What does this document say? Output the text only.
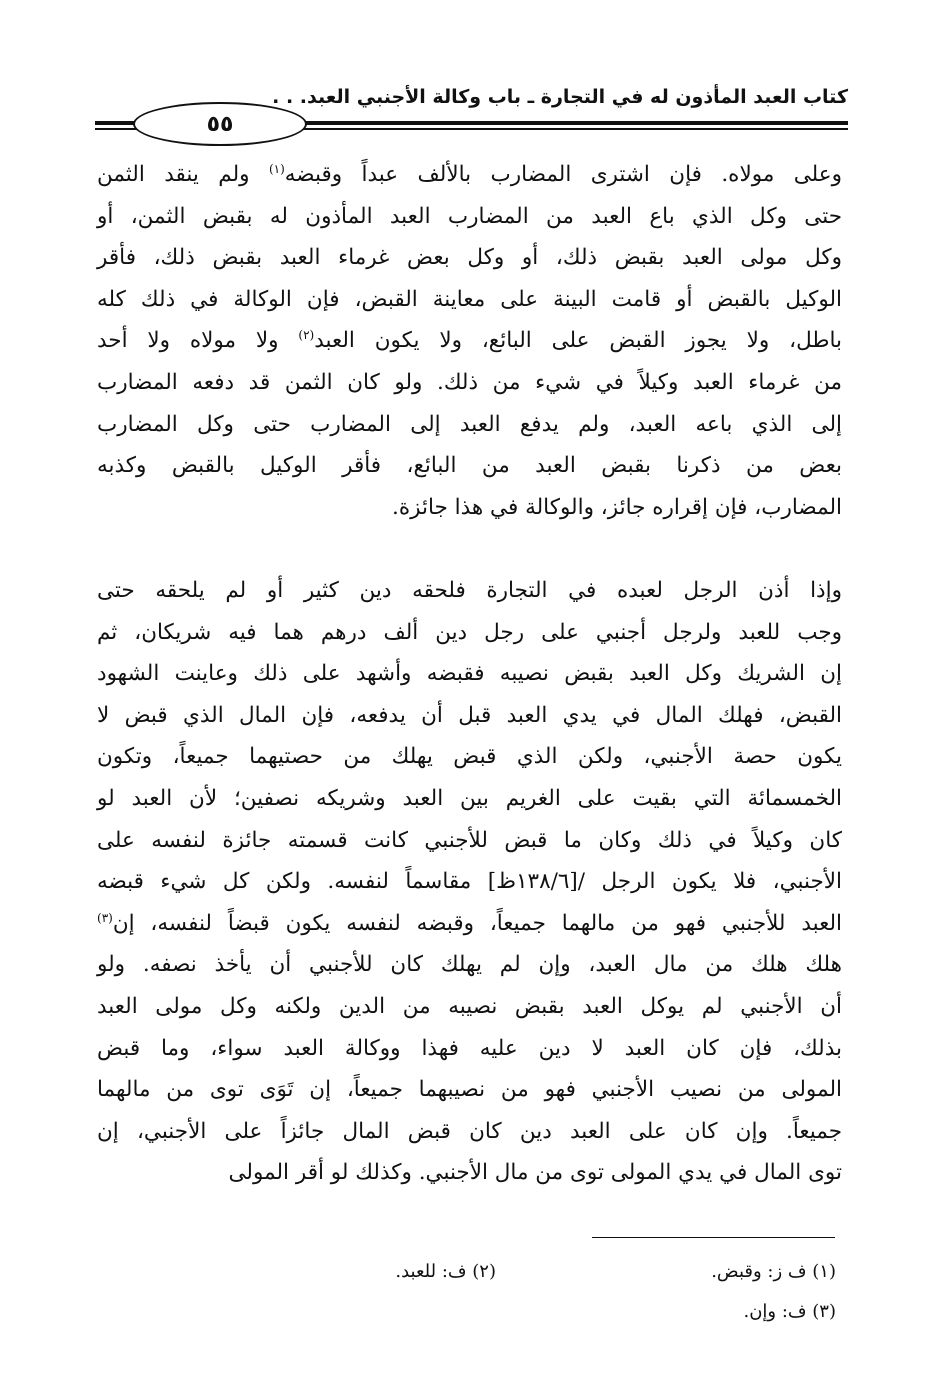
كتاب العبد المأذون له في التجارة ـ باب وكالة الأجنبي العبد. . .
٥٥
وعلى مولاه. فإن اشترى المضارب بالألف عبداً وقبضه$^{(١)}$ ولم ينقد الثمن
حتى وكل الذي باع العبد من المضارب العبد المأذون له بقبض الثمن، أو
وكل مولى العبد بقبض ذلك، أو وكل بعض غرماء العبد بقبض ذلك، فأقر
الوكيل بالقبض أو قامت البينة على معاينة القبض، فإن الوكالة في ذلك كله
باطل، ولا يجوز القبض على البائع، ولا يكون العبد$^{(٢)}$ ولا مولاه ولا أحد
من غرماء العبد وكيلاً في شيء من ذلك. ولو كان الثمن قد دفعه المضارب
إلى الذي باعه العبد، ولم يدفع العبد إلى المضارب حتى وكل المضارب
بعض من ذكرنا بقبض العبد من البائع، فأقر الوكيل بالقبض وكذبه
المضارب، فإن إقراره جائز، والوكالة في هذا جائزة.
وإذا أذن الرجل لعبده في التجارة فلحقه دين كثير أو لم يلحقه حتى
وجب للعبد ولرجل أجنبي على رجل دين ألف درهم هما فيه شريكان، ثم
إن الشريك وكل العبد بقبض نصيبه فقبضه وأشهد على ذلك وعاينت الشهود
القبض، فهلك المال في يدي العبد قبل أن يدفعه، فإن المال الذي قبض لا
يكون حصة الأجنبي، ولكن الذي قبض يهلك من حصتيهما جميعاً، وتكون
الخمسمائة التي بقيت على الغريم بين العبد وشريكه نصفين؛ لأن العبد لو
كان وكيلاً في ذلك وكان ما قبض للأجنبي كانت قسمته جائزة لنفسه على
الأجنبي، فلا يكون الرجل /[١٣٨/٦ظ] مقاسماً لنفسه. ولكن كل شيء قبضه
العبد للأجنبي فهو من مالهما جميعاً، وقبضه لنفسه يكون قبضاً لنفسه، إن$^{(٣)}$
هلك هلك من مال العبد، وإن لم يهلك كان للأجنبي أن يأخذ نصفه. ولو
أن الأجنبي لم يوكل العبد بقبض نصيبه من الدين ولكنه وكل مولى العبد
بذلك، فإن كان العبد لا دين عليه فهذا ووكالة العبد سواء، وما قبض
المولى من نصيب الأجنبي فهو من نصيبهما جميعاً، إن تَوَى توى من مالهما
جميعاً. وإن كان على العبد دين كان قبض المال جائزاً على الأجنبي، إن
توى المال في يدي المولى توى من مال الأجنبي. وكذلك لو أقر المولى
(١) ف ز: وقبض.
(٢) ف: للعبد.
(٣) ف: وإن.
